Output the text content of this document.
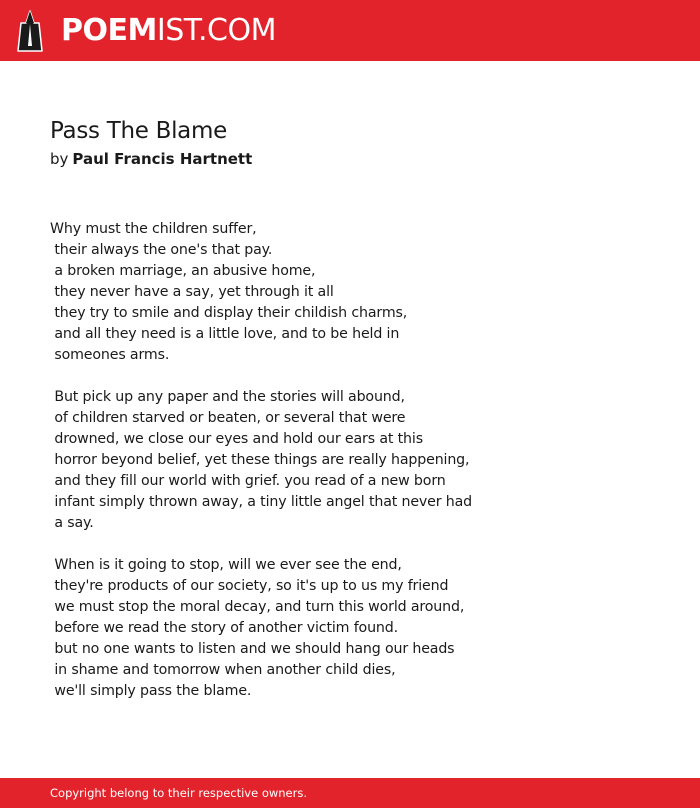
POEMIST.COM
Pass The Blame
by Paul Francis Hartnett
Why must the children suffer,
their always the one's that pay.
a broken marriage, an abusive home,
they never have a say, yet through it all
they try to smile and display their childish charms,
and all they need is a little love, and to be held in
someones arms.
But pick up any paper and the stories will abound,
of children starved or beaten, or several that were
drowned, we close our eyes and hold our ears at this
horror beyond belief, yet these things are really happening,
and they fill our world with grief. you read of a new born
infant simply thrown away, a tiny little angel that never had
a say.
When is it going to stop, will we ever see the end,
they're products of our society, so it's up to us my friend
we must stop the moral decay, and turn this world around,
before we read the story of another victim found.
but no one wants to listen and we should hang our heads
in shame and tomorrow when another child dies,
we'll simply pass the blame.
Copyright belong to their respective owners.
